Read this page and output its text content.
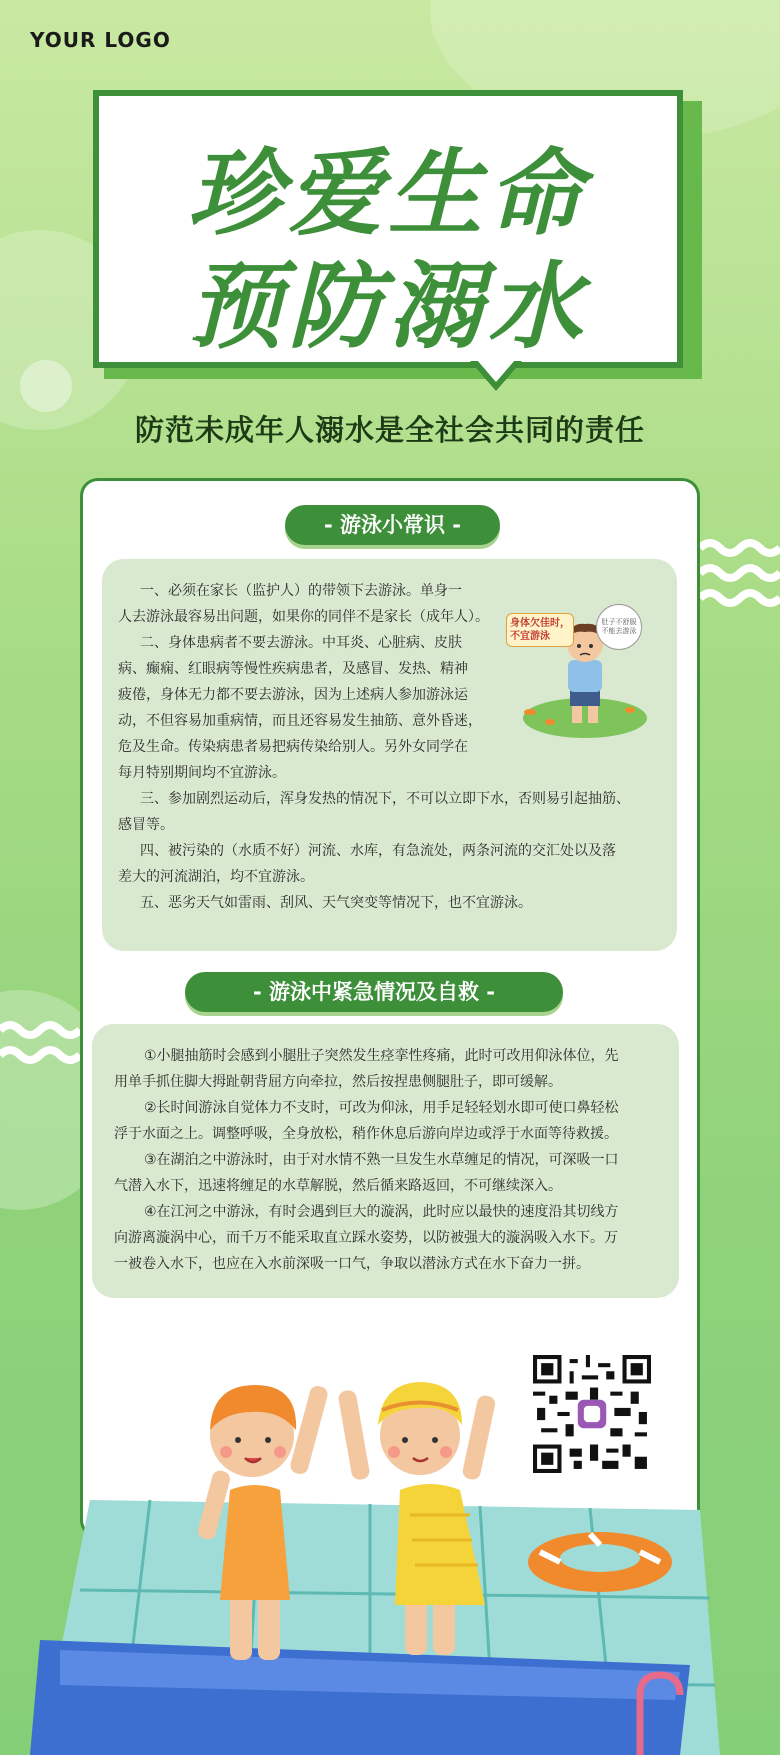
YOUR LOGO
珍爱生命
预防溺水
防范未成年人溺水是全社会共同的责任
- 游泳小常识 -
一、必须在家长（监护人）的带领下去游泳。单身一
人去游泳最容易出问题，如果你的同伴不是家长（成年人）。
二、身体患病者不要去游泳。中耳炎、心脏病、皮肤
病、癫痫、红眼病等慢性疾病患者，及感冒、发热、精神
疲倦，身体无力都不要去游泳，因为上述病人参加游泳运
动，不但容易加重病情，而且还容易发生抽筋、意外昏迷，
危及生命。传染病患者易把病传染给别人。另外女同学在
每月特别期间均不宜游泳。
三、参加剧烈运动后，浑身发热的情况下，不可以立即下水，否则易引起抽筋、
感冒等。
四、被污染的（水质不好）河流、水库，有急流处，两条河流的交汇处以及落
差大的河流湖泊，均不宜游泳。
五、恶劣天气如雷雨、刮风、天气突变等情况下，也不宜游泳。
身体欠佳时，不宜游泳
肚子不舒服不能去游泳
- 游泳中紧急情况及自救 -
①小腿抽筋时会感到小腿肚子突然发生痉挛性疼痛，此时可改用仰泳体位，先
用单手抓住脚大拇趾朝背屈方向牵拉，然后按捏患侧腿肚子，即可缓解。
②长时间游泳自觉体力不支时，可改为仰泳，用手足轻轻划水即可使口鼻轻松
浮于水面之上。调整呼吸，全身放松，稍作休息后游向岸边或浮于水面等待救援。
③在湖泊之中游泳时，由于对水情不熟一旦发生水草缠足的情况，可深吸一口
气潜入水下，迅速将缠足的水草解脱，然后循来路返回，不可继续深入。
④在江河之中游泳，有时会遇到巨大的漩涡，此时应以最快的速度沿其切线方
向游离漩涡中心，而千万不能采取直立踩水姿势，以防被强大的漩涡吸入水下。万
一被卷入水下，也应在入水前深吸一口气，争取以潜泳方式在水下奋力一拼。
